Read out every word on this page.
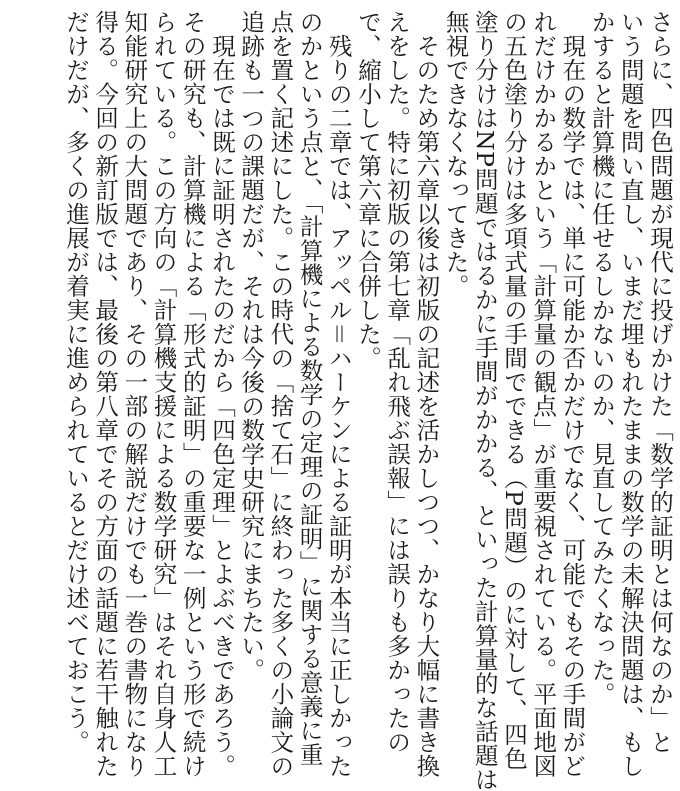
さらに、四色問題が現代に投げかけた「数学的証明とは何なのか」と

いう問題を問い直し、いまだ埋もれたままの数学の未解決問題は、もし

かすると計算機に任せるしかないのか、見直してみたくなった。

　現在の数学では、単に可能か否かだけでなく、可能でもその手間がど

れだけかかるかという「計算量の観点」が重要視されている。平面地図

の五色塗り分けは多項式量の手間でできる（P問題）のに対して、四色

塗り分けはNP問題ではるかに手間がかかる、といった計算量的な話題は

無視できなくなってきた。

　そのため第六章以後は初版の記述を活かしつつ、かなり大幅に書き換

えをした。特に初版の第七章「乱れ飛ぶ誤報」には誤りも多かったの

で、縮小して第六章に合併した。

　残りの二章では、アッペル＝ハーケンによる証明が本当に正しかった

のかという点と、「計算機による数学の定理の証明」に関する意義に重

点を置く記述にした。この時代の「捨て石」に終わった多くの小論文の

追跡も一つの課題だが、それは今後の数学史研究にまちたい。

　現在では既に証明されたのだから「四色定理」とよぶべきであろう。

その研究も、計算機による「形式的証明」の重要な一例という形で続け

られている。この方向の「計算機支援による数学研究」はそれ自身人工

知能研究上の大問題であり、その一部の解説だけでも一巻の書物になり

得る。今回の新訂版では、最後の第八章でその方面の話題に若干触れた

だけだが、多くの進展が着実に進められているとだけ述べておこう。
